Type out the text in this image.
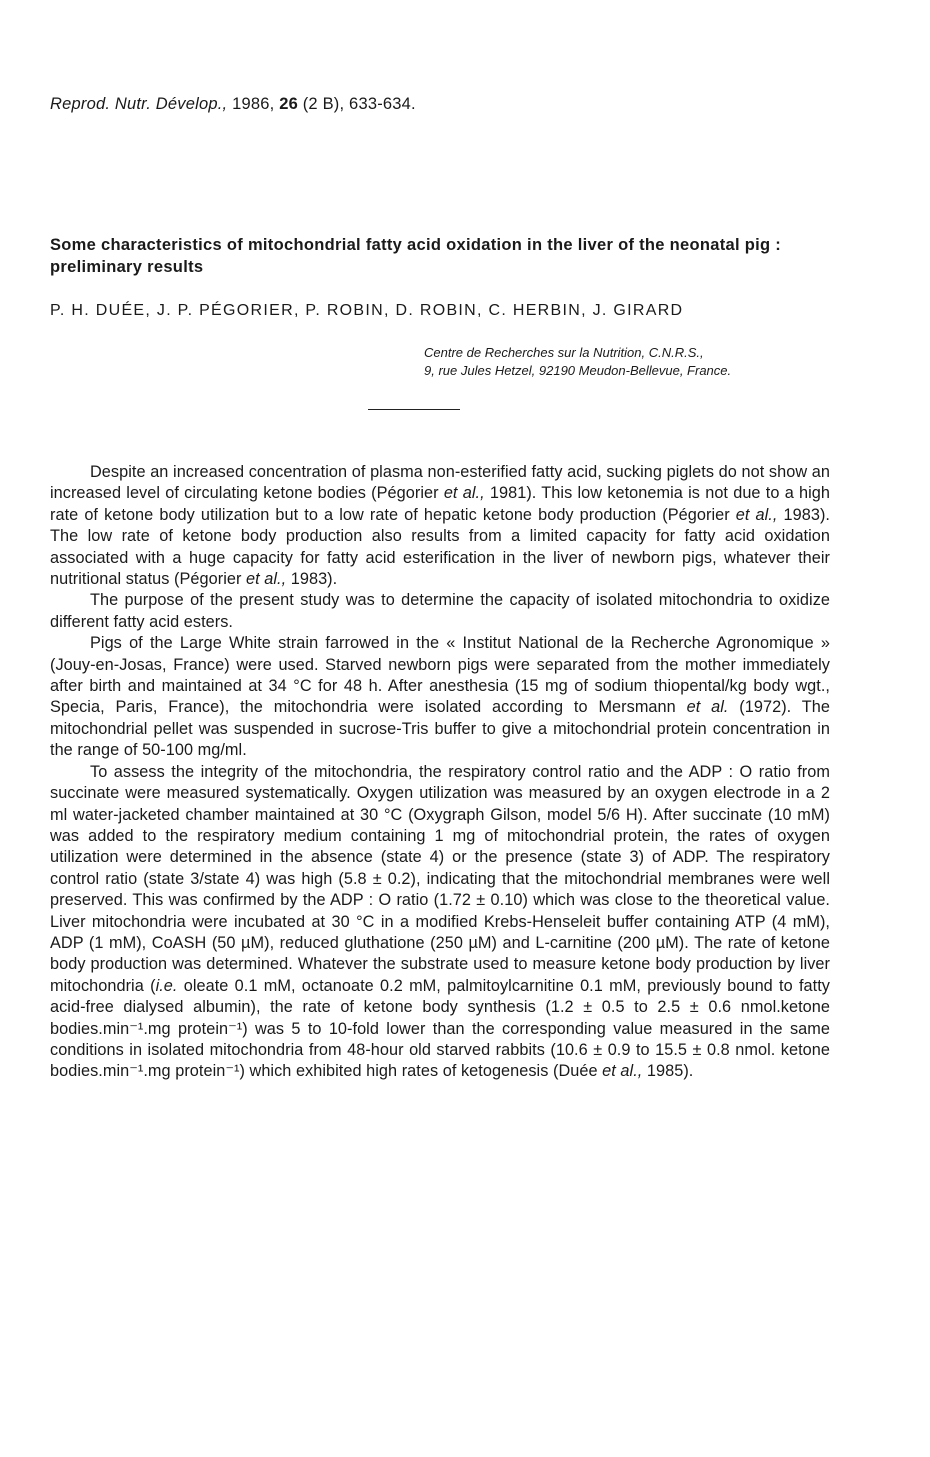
Reprod. Nutr. Dévelop., 1986, 26 (2 B), 633-634.
Some characteristics of mitochondrial fatty acid oxidation in the liver of the neonatal pig : preliminary results
P. H. DUÉE, J. P. PÉGORIER, P. ROBIN, D. ROBIN, C. HERBIN, J. GIRARD
Centre de Recherches sur la Nutrition, C.N.R.S.,
9, rue Jules Hetzel, 92190 Meudon-Bellevue, France.

Despite an increased concentration of plasma non-esterified fatty acid, sucking piglets do not show an increased level of circulating ketone bodies (Pégorier et al., 1981). This low ketonemia is not due to a high rate of ketone body utilization but to a low rate of hepatic ketone body production (Pégorier et al., 1983). The low rate of ketone body production also results from a limited capacity for fatty acid oxidation associated with a huge capacity for fatty acid esterification in the liver of newborn pigs, whatever their nutritional status (Pégorier et al., 1983).

The purpose of the present study was to determine the capacity of isolated mitochondria to oxidize different fatty acid esters.

Pigs of the Large White strain farrowed in the « Institut National de la Recherche Agronomique » (Jouy-en-Josas, France) were used. Starved newborn pigs were separated from the mother immediately after birth and maintained at 34 °C for 48 h. After anesthesia (15 mg of sodium thiopental/kg body wgt., Specia, Paris, France), the mitochondria were isolated according to Mersmann et al. (1972). The mitochondrial pellet was suspended in sucrose-Tris buffer to give a mitochondrial protein concentration in the range of 50-100 mg/ml.

To assess the integrity of the mitochondria, the respiratory control ratio and the ADP : O ratio from succinate were measured systematically. Oxygen utilization was measured by an oxygen electrode in a 2 ml water-jacketed chamber maintained at 30 °C (Oxygraph Gilson, model 5/6 H). After succinate (10 mM) was added to the respiratory medium containing 1 mg of mitochondrial protein, the rates of oxygen utilization were determined in the absence (state 4) or the presence (state 3) of ADP. The respiratory control ratio (state 3/state 4) was high (5.8 ± 0.2), indicating that the mitochondrial membranes were well preserved. This was confirmed by the ADP : O ratio (1.72 ± 0.10) which was close to the theoretical value. Liver mitochondria were incubated at 30 °C in a modified Krebs-Henseleit buffer containing ATP (4 mM), ADP (1 mM), CoASH (50 µM), reduced gluthatione (250 µM) and L-carnitine (200 µM). The rate of ketone body production was determined. Whatever the substrate used to measure ketone body production by liver mitochondria (i.e. oleate 0.1 mM, octanoate 0.2 mM, palmitoylcarnitine 0.1 mM, previously bound to fatty acid-free dialysed albumin), the rate of ketone body synthesis (1.2 ± 0.5 to 2.5 ± 0.6 nmol.ketone bodies.min⁻¹.mg protein⁻¹) was 5 to 10-fold lower than the corresponding value measured in the same conditions in isolated mitochondria from 48-hour old starved rabbits (10.6 ± 0.9 to 15.5 ± 0.8 nmol. ketone bodies.min⁻¹.mg protein⁻¹) which exhibited high rates of ketogenesis (Duée et al., 1985).
